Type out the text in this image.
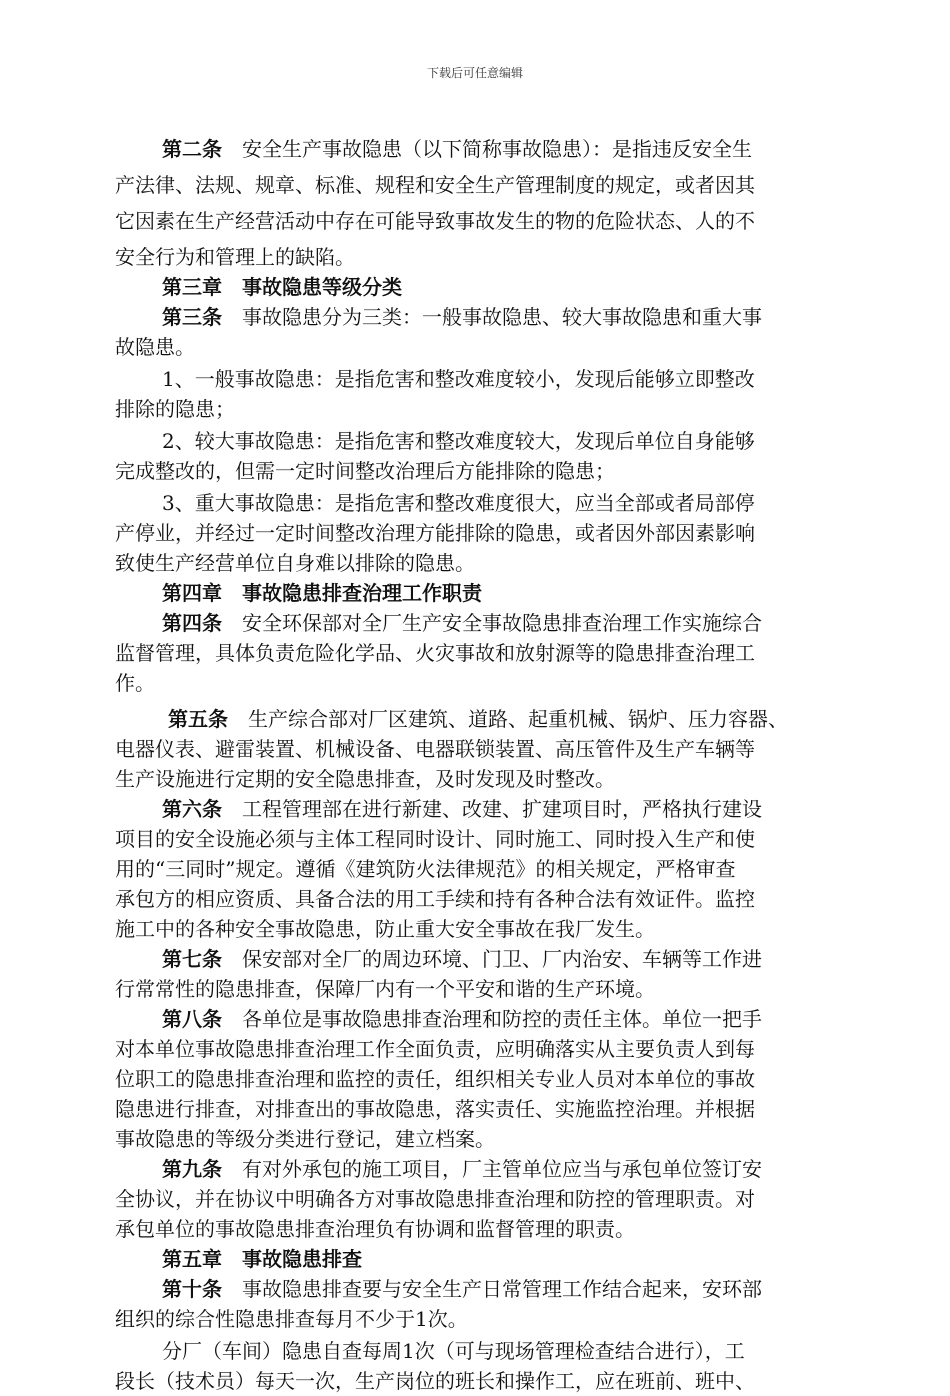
下载后可任意编辑
第二条　安全生产事故隐患（以下简称事故隐患）：是指违反安全生
产法律、法规、规章、标准、规程和安全生产管理制度的规定，或者因其
它因素在生产经营活动中存在可能导致事故发生的物的危险状态、人的不
安全行为和管理上的缺陷。
第三章　事故隐患等级分类
第三条　事故隐患分为三类：一般事故隐患、较大事故隐患和重大事
故隐患。
1、一般事故隐患：是指危害和整改难度较小，发现后能够立即整改
排除的隐患；
2、较大事故隐患：是指危害和整改难度较大，发现后单位自身能够
完成整改的，但需一定时间整改治理后方能排除的隐患；
3、重大事故隐患：是指危害和整改难度很大，应当全部或者局部停
产停业，并经过一定时间整改治理方能排除的隐患，或者因外部因素影响
致使生产经营单位自身难以排除的隐患。
第四章　事故隐患排查治理工作职责
第四条　安全环保部对全厂生产安全事故隐患排查治理工作实施综合
监督管理，具体负责危险化学品、火灾事故和放射源等的隐患排查治理工
作。
第五条　生产综合部对厂区建筑、道路、起重机械、锅炉、压力容器、
电器仪表、避雷装置、机械设备、电器联锁装置、高压管件及生产车辆等
生产设施进行定期的安全隐患排查，及时发现及时整改。
第六条　工程管理部在进行新建、改建、扩建项目时，严格执行建设
项目的安全设施必须与主体工程同时设计、同时施工、同时投入生产和使
用的“三同时”规定。遵循《建筑防火法律规范》的相关规定，严格审查
承包方的相应资质、具备合法的用工手续和持有各种合法有效证件。监控
施工中的各种安全事故隐患，防止重大安全事故在我厂发生。
第七条　保安部对全厂的周边环境、门卫、厂内治安、车辆等工作进
行常常性的隐患排查，保障厂内有一个平安和谐的生产环境。
第八条　各单位是事故隐患排查治理和防控的责任主体。单位一把手
对本单位事故隐患排查治理工作全面负责，应明确落实从主要负责人到每
位职工的隐患排查治理和监控的责任，组织相关专业人员对本单位的事故
隐患进行排查，对排查出的事故隐患，落实责任、实施监控治理。并根据
事故隐患的等级分类进行登记，建立档案。
第九条　有对外承包的施工项目，厂主管单位应当与承包单位签订安
全协议，并在协议中明确各方对事故隐患排查治理和防控的管理职责。对
承包单位的事故隐患排查治理负有协调和监督管理的职责。
第五章　事故隐患排查
第十条　事故隐患排查要与安全生产日常管理工作结合起来，安环部
组织的综合性隐患排查每月不少于1次。
分厂（车间）隐患自查每周1次（可与现场管理检查结合进行），工
段长（技术员）每天一次，生产岗位的班长和操作工，应在班前、班中、
